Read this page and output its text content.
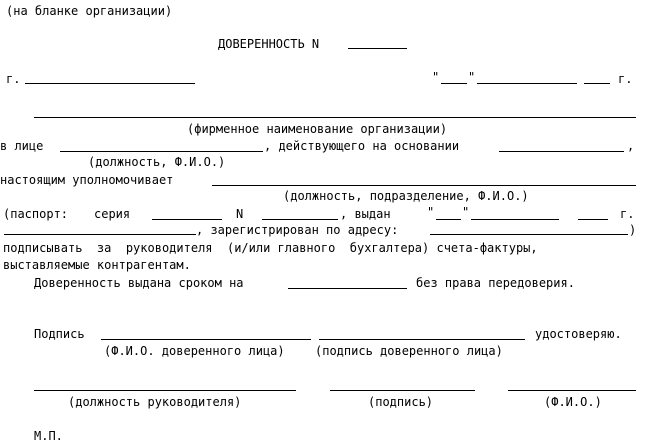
(на бланке организации)
ДОВЕРЕННОСТЬ N
г.	" "	г.
(фирменное наименование организации)
в лице	, действующего на основании	,
(должность, Ф.И.О.)
настоящим уполномочивает
(должность, подразделение, Ф.И.О.)
(паспорт: серия	N	, выдан	" "	г.
, зарегистрирован по адресу:	)
подписывать  за  руководителя  (и/или главного  бухгалтера) счета-фактуры,
выставляемые контрагентам.
Доверенность выдана сроком на	без права передоверия.
Подпись	удостоверяю.
(Ф.И.О. доверенного лица)	(подпись доверенного лица)
(должность руководителя)	(подпись)	(Ф.И.О.)
М.П.
